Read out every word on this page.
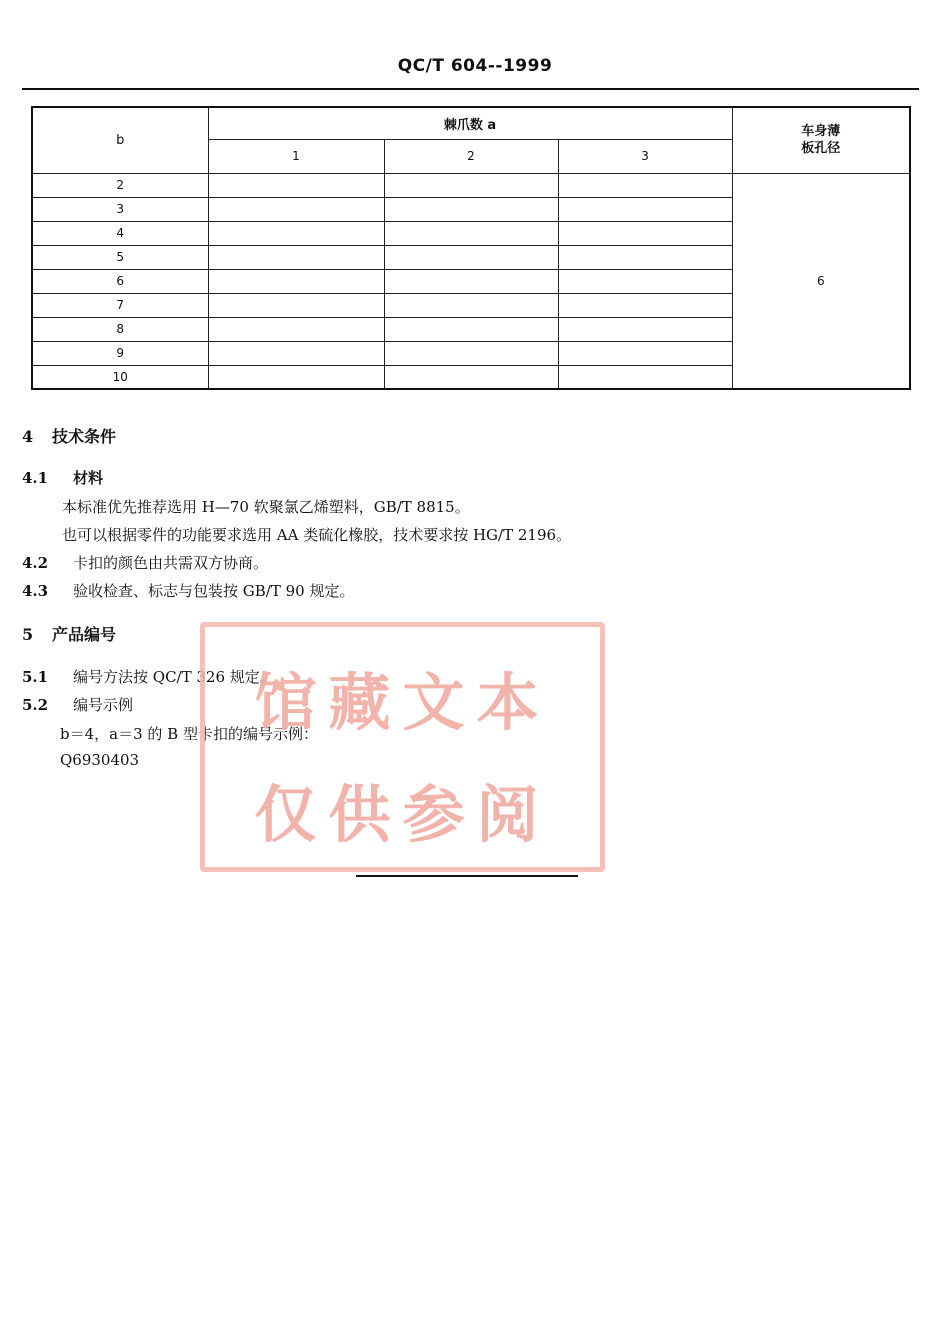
QC/T 604--1999
b	棘爪数 a			车身薄
板孔径
	1	2	3	
2				6
3				
4				
5				
6				
7				
8				
9				
10				
4 技术条件
4.1 材料
本标准优先推荐选用 H—70 软聚氯乙烯塑料，GB/T 8815。
也可以根据零件的功能要求选用 AA 类硫化橡胶，技术要求按 HG/T 2196。
4.2 卡扣的颜色由共需双方协商。
4.3 验收检查、标志与包装按 GB/T 90 规定。
5 产品编号
5.1 编号方法按 QC/T 326 规定。
5.2 编号示例
b＝4，a＝3 的 B 型卡扣的编号示例：
Q6930403
馆藏文本
仅供参阅
